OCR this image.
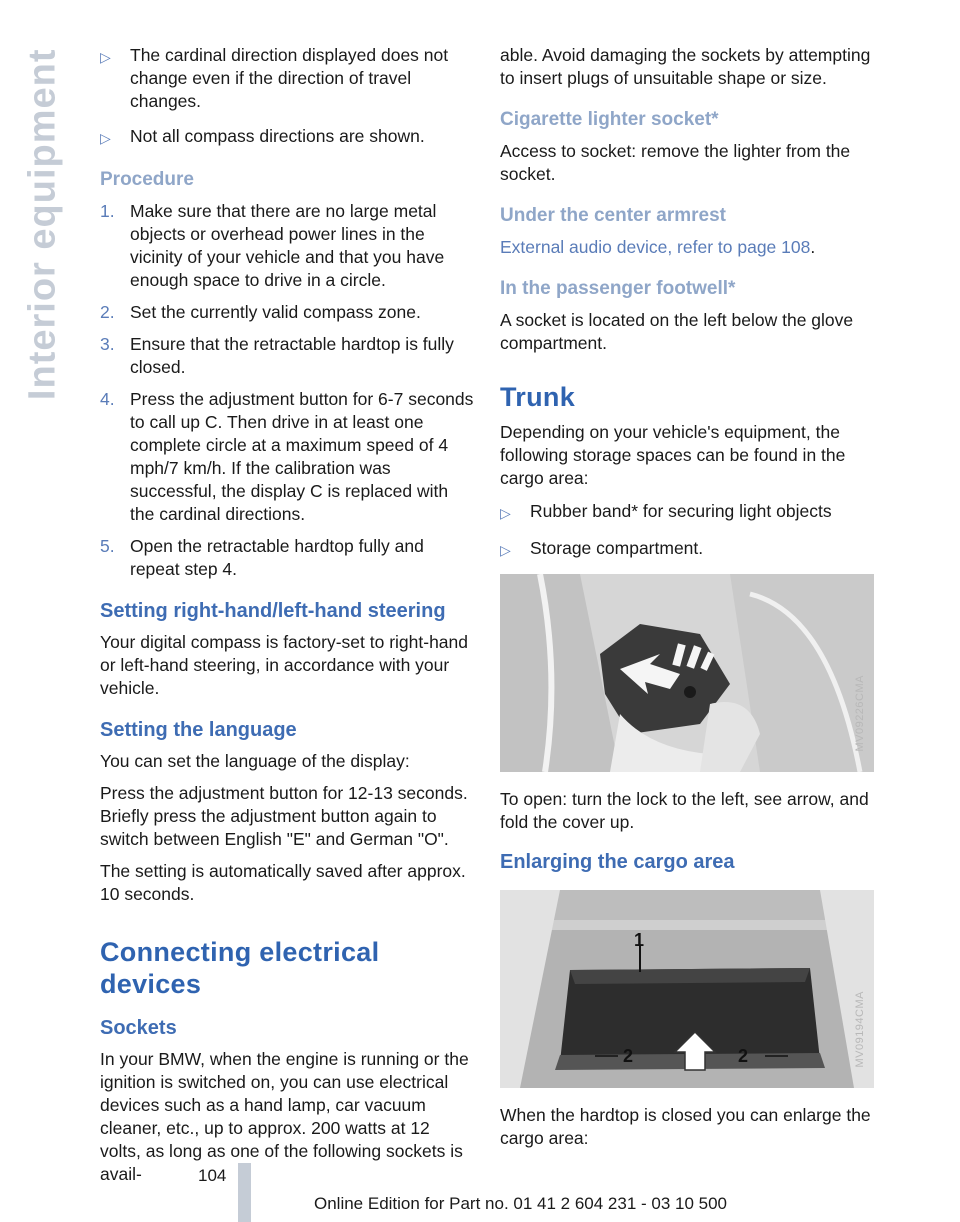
Interior equipment	▷	The cardinal direction displayed does not change even if the direction of travel changes.
▷	Not all compass directions are shown.
Procedure
1. Make sure that there are no large metal objects or overhead power lines in the vicinity of your vehicle and that you have enough space to drive in a circle.
2. Set the currently valid compass zone.
3. Ensure that the retractable hardtop is fully closed.
4. Press the adjustment button for 6-7 seconds to call up C. Then drive in at least one complete circle at a maximum speed of 4 mph/7 km/h. If the calibration was successful, the display C is replaced with the cardinal directions.
5. Open the retractable hardtop fully and repeat step 4.
Setting right-hand/left-hand steering

Your digital compass is factory-set to right-hand or left-hand steering, in accordance with your vehicle.

Setting the language

You can set the language of the display:

Press the adjustment button for 12-13 seconds. Briefly press the adjustment button again to switch between English "E" and German "O".

The setting is automatically saved after approx. 10 seconds.

Connecting electrical devices
Sockets

In your BMW, when the engine is running or the ignition is switched on, you can use electrical devices such as a hand lamp, car vacuum cleaner, etc., up to approx. 200 watts at 12 volts, as long as one of the following sockets is avail-

able. Avoid damaging the sockets by attempting to insert plugs of unsuitable shape or size.

Cigarette lighter socket*

Access to socket: remove the lighter from the socket.

Under the center armrest

External audio device, refer to page 108.

In the passenger footwell*

A socket is located on the left below the glove compartment.

Trunk

Depending on your vehicle's equipment, the following storage spaces can be found in the cargo area:

▷	Rubber band* for securing light objects
▷	Storage compartment.
MV09226CMA

To open: turn the lock to the left, see arrow, and fold the cover up.

Enlarging the cargo area
1
2	2	MV09194CMA

When the hardtop is closed you can enlarge the cargo area:

104
Online Edition for Part no. 01 41 2 604 231 - 03 10 500
